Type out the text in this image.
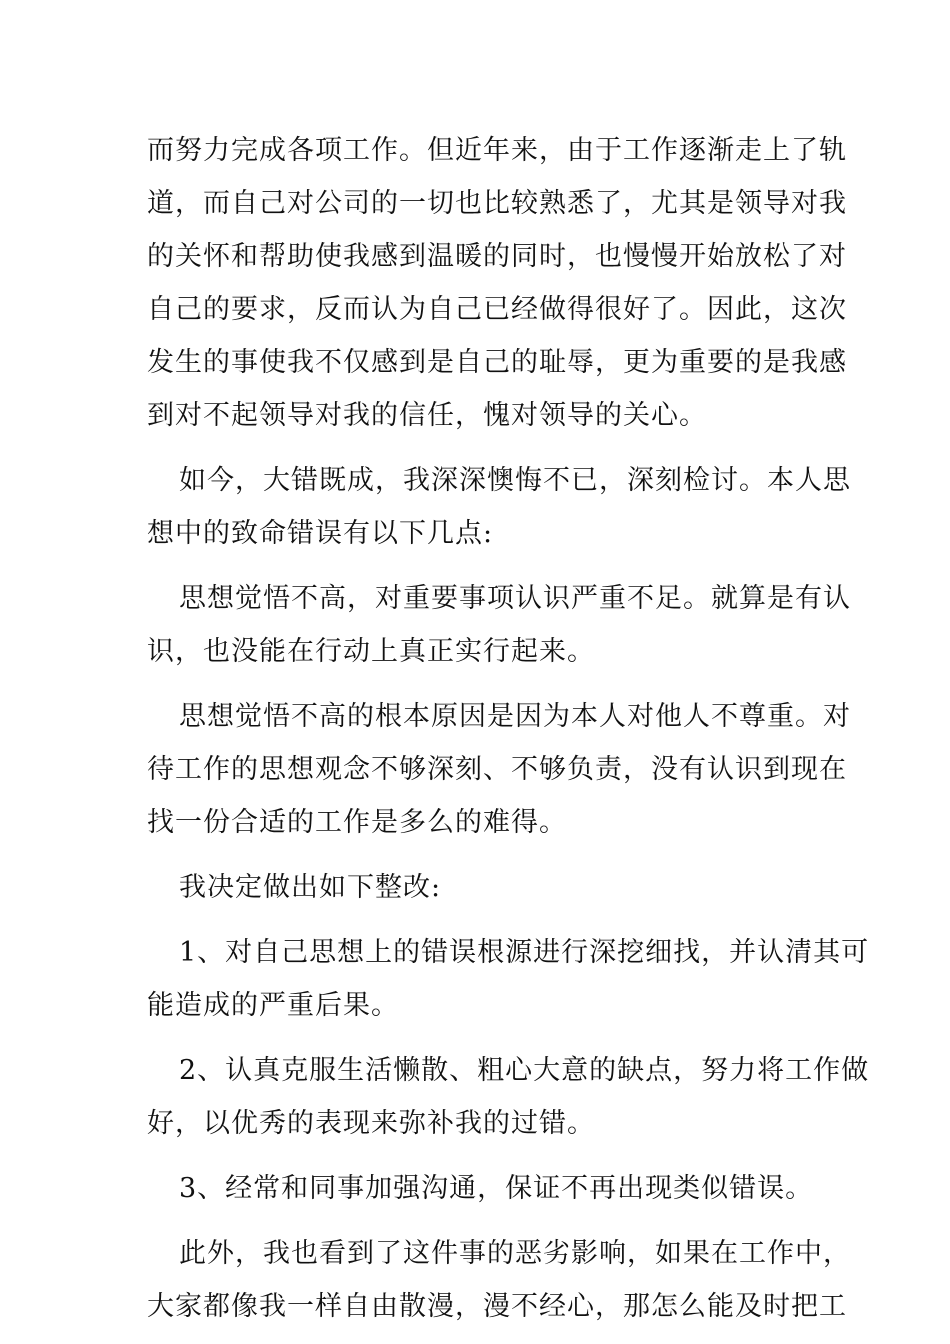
而努力完成各项工作。但近年来，由于工作逐渐走上了轨
道，而自己对公司的一切也比较熟悉了，尤其是领导对我
的关怀和帮助使我感到温暖的同时，也慢慢开始放松了对
自己的要求，反而认为自己已经做得很好了。因此，这次
发生的事使我不仅感到是自己的耻辱，更为重要的是我感
到对不起领导对我的信任，愧对领导的关心。
如今，大错既成，我深深懊悔不已，深刻检讨。本人思
想中的致命错误有以下几点:
思想觉悟不高，对重要事项认识严重不足。就算是有认
识，也没能在行动上真正实行起来。
思想觉悟不高的根本原因是因为本人对他人不尊重。对
待工作的思想观念不够深刻、不够负责，没有认识到现在
找一份合适的工作是多么的难得。
我决定做出如下整改:
1、对自己思想上的错误根源进行深挖细找，并认清其可
能造成的严重后果。
2、认真克服生活懒散、粗心大意的缺点，努力将工作做
好，以优秀的表现来弥补我的过错。
3、经常和同事加强沟通，保证不再出现类似错误。
此外，我也看到了这件事的恶劣影响，如果在工作中，
大家都像我一样自由散漫，漫不经心，那怎么能及时把工
